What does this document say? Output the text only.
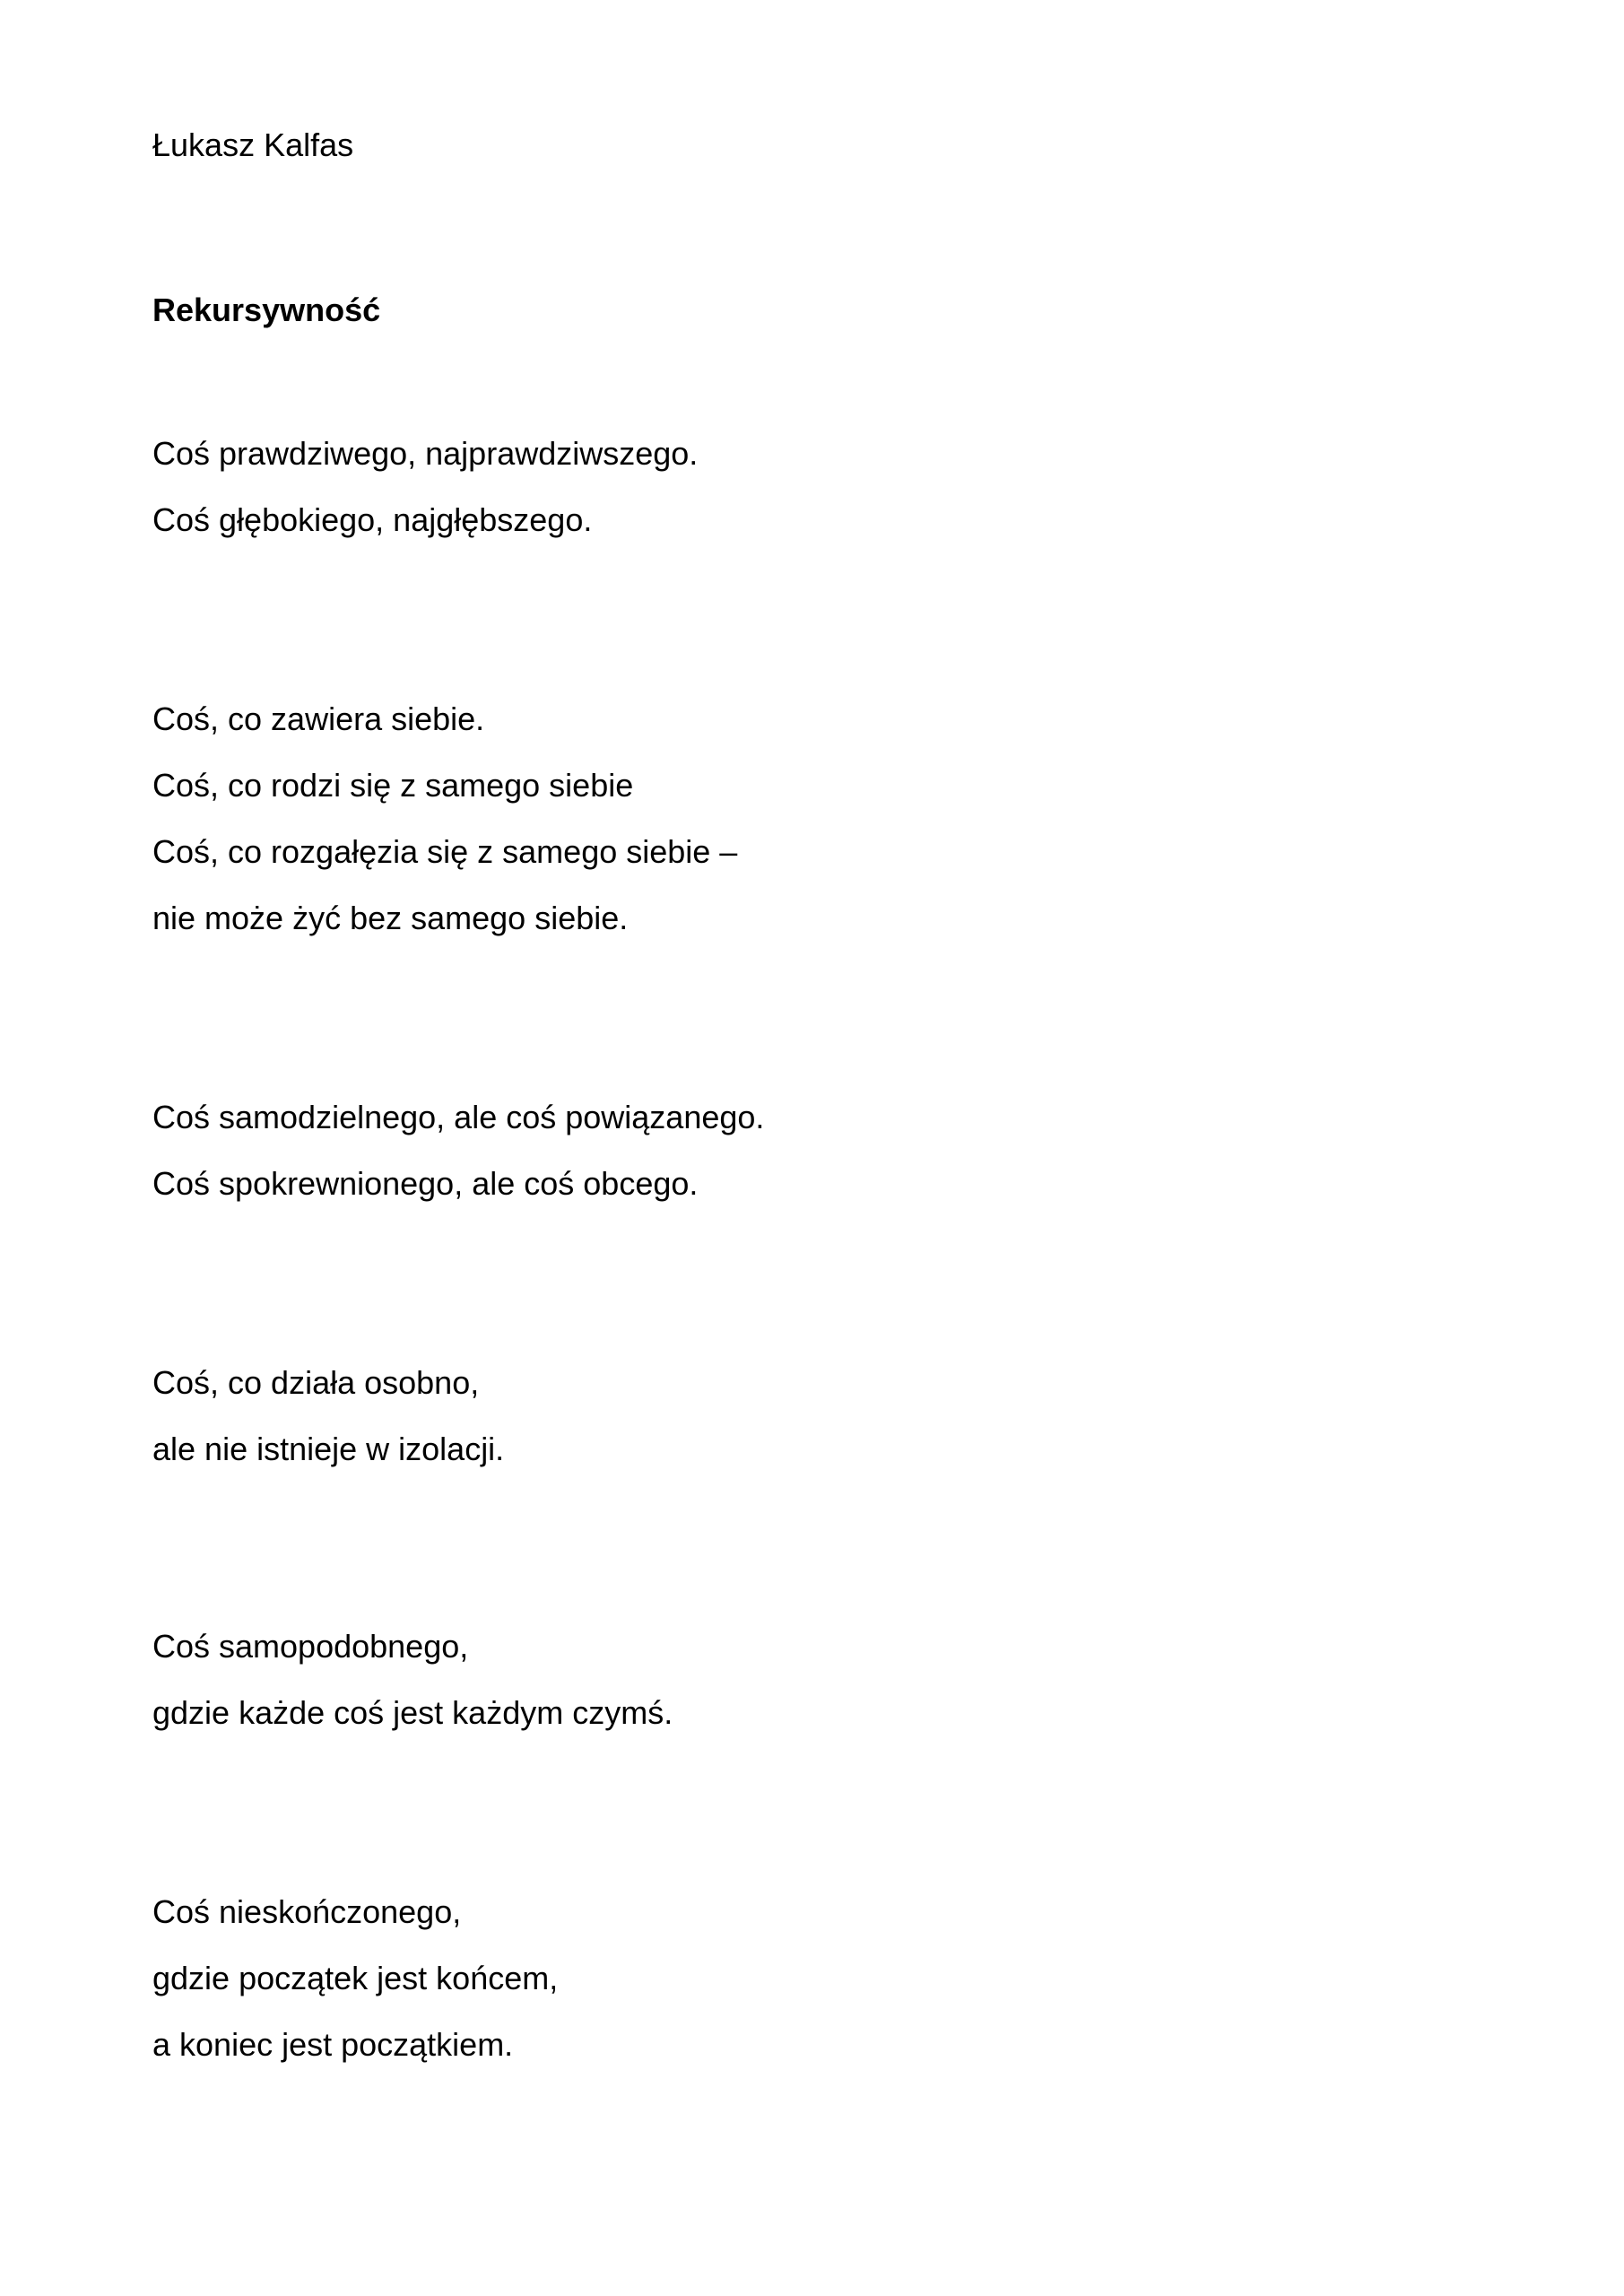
Łukasz Kalfas
Rekursywność
Coś prawdziwego, najprawdziwszego.
Coś głębokiego, najgłębszego.
Coś, co zawiera siebie.
Coś, co rodzi się z samego siebie
Coś, co rozgałęzia się z samego siebie –
nie może żyć bez samego siebie.
Coś samodzielnego, ale coś powiązanego.
Coś spokrewnionego, ale coś obcego.
Coś, co działa osobno,
ale nie istnieje w izolacji.
Coś samopodobnego,
gdzie każde coś jest każdym czymś.
Coś nieskończonego,
gdzie początek jest końcem,
a koniec jest początkiem.
